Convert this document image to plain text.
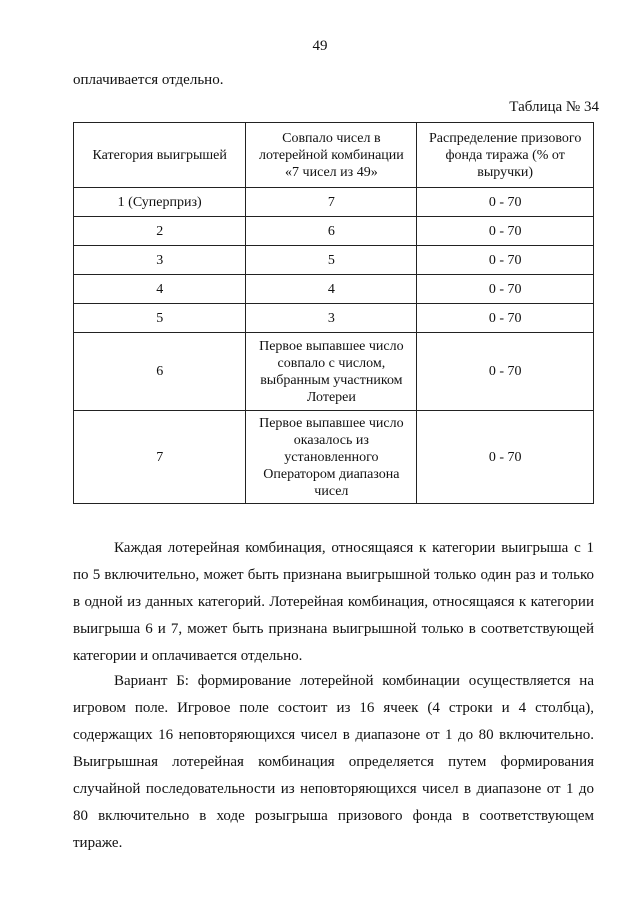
49
оплачивается отдельно.
Таблица № 34
Категория выигрышей	Совпало чисел в лотерейной комбинации «7 чисел из 49»	Распределение призового фонда тиража (% от выручки)
1 (Суперприз)	7	0 - 70
2	6	0 - 70
3	5	0 - 70
4	4	0 - 70
5	3	0 - 70
6	Первое выпавшее число совпало с числом, выбранным участником Лотереи	0 - 70
7	Первое выпавшее число оказалось из установленного Оператором диапазона чисел	0 - 70

Каждая лотерейная комбинация, относящаяся к категории выигрыша с 1 по 5 включительно, может быть признана выигрышной только один раз и только в одной из данных категорий. Лотерейная комбинация, относящаяся к категории выигрыша 6 и 7, может быть признана выигрышной только в соответствующей категории и оплачивается отдельно.

Вариант Б: формирование лотерейной комбинации осуществляется на игровом поле. Игровое поле состоит из 16 ячеек (4 строки и 4 столбца), содержащих 16 неповторяющихся чисел в диапазоне от 1 до 80 включительно. Выигрышная лотерейная комбинация определяется путем формирования случайной последовательности из неповторяющихся чисел в диапазоне от 1 до 80 включительно в ходе розыгрыша призового фонда в соответствующем тираже.
